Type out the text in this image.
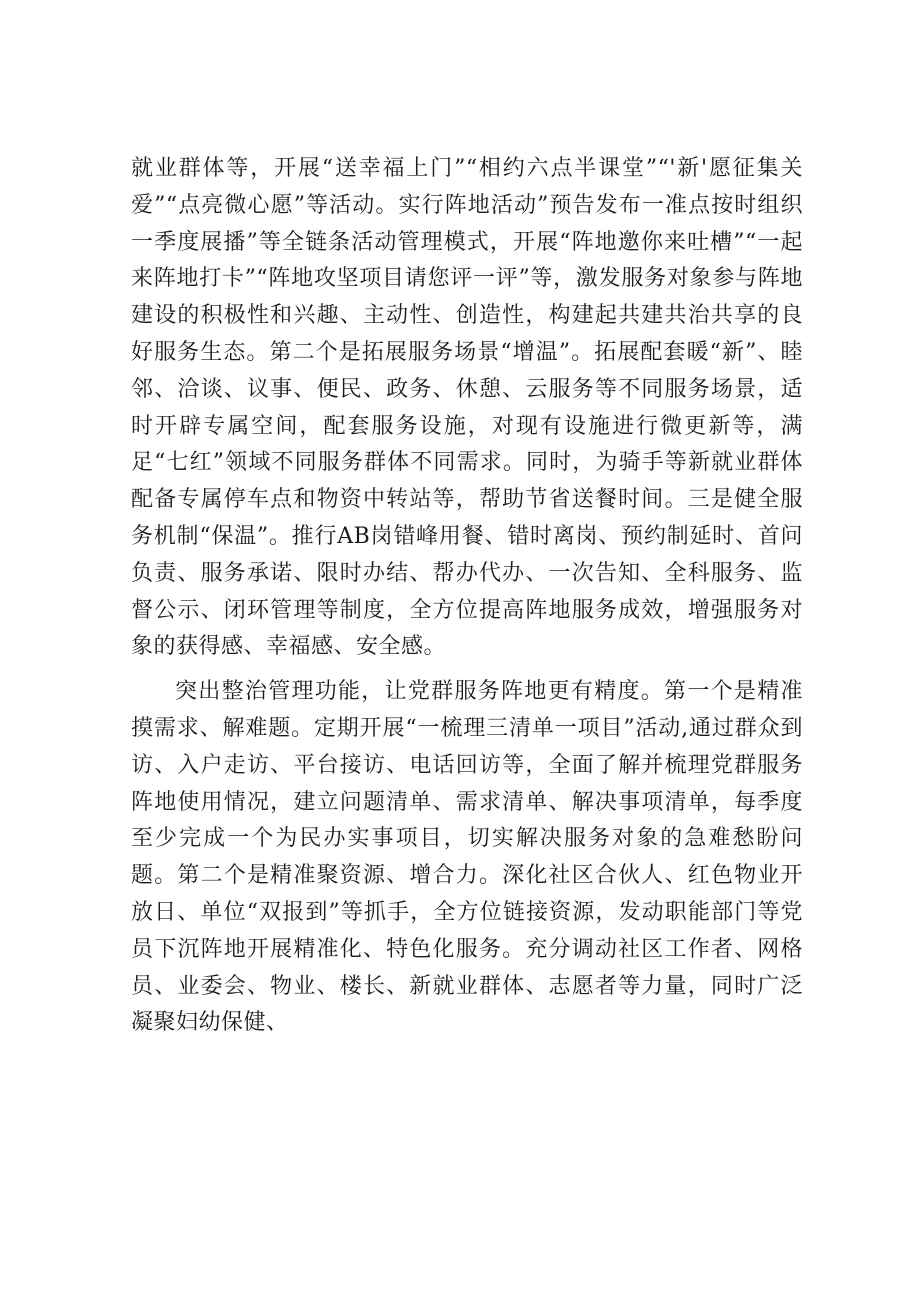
就业群体等，开展“送幸福上门”“相约六点半课堂”“'新'愿征集关爱”“点亮微心愿”等活动。实行阵地活动”预告发布一准点按时组织一季度展播”等全链条活动管理模式，开展“阵地邀你来吐槽”“一起来阵地打卡”“阵地攻坚项目请您评一评”等，激发服务对象参与阵地建设的积极性和兴趣、主动性、创造性，构建起共建共治共享的良好服务生态。第二个是拓展服务场景“增温”。拓展配套暖“新”、睦邻、洽谈、议事、便民、政务、休憩、云服务等不同服务场景，适时开辟专属空间，配套服务设施，对现有设施进行微更新等，满足“七红”领域不同服务群体不同需求。同时，为骑手等新就业群体配备专属停车点和物资中转站等，帮助节省送餐时间。三是健全服务机制“保温”。推行AB岗错峰用餐、错时离岗、预约制延时、首问负责、服务承诺、限时办结、帮办代办、一次告知、全科服务、监督公示、闭环管理等制度，全方位提高阵地服务成效，增强服务对象的获得感、幸福感、安全感。

突出整治管理功能，让党群服务阵地更有精度。第一个是精准摸需求、解难题。定期开展“一梳理三清单一项目”活动,通过群众到访、入户走访、平台接访、电话回访等，全面了解并梳理党群服务阵地使用情况，建立问题清单、需求清单、解决事项清单，每季度至少完成一个为民办实事项目，切实解决服务对象的急难愁盼问题。第二个是精准聚资源、增合力。深化社区合伙人、红色物业开放日、单位“双报到”等抓手，全方位链接资源，发动职能部门等党员下沉阵地开展精准化、特色化服务。充分调动社区工作者、网格员、业委会、物业、楼长、新就业群体、志愿者等力量，同时广泛凝聚妇幼保健、
